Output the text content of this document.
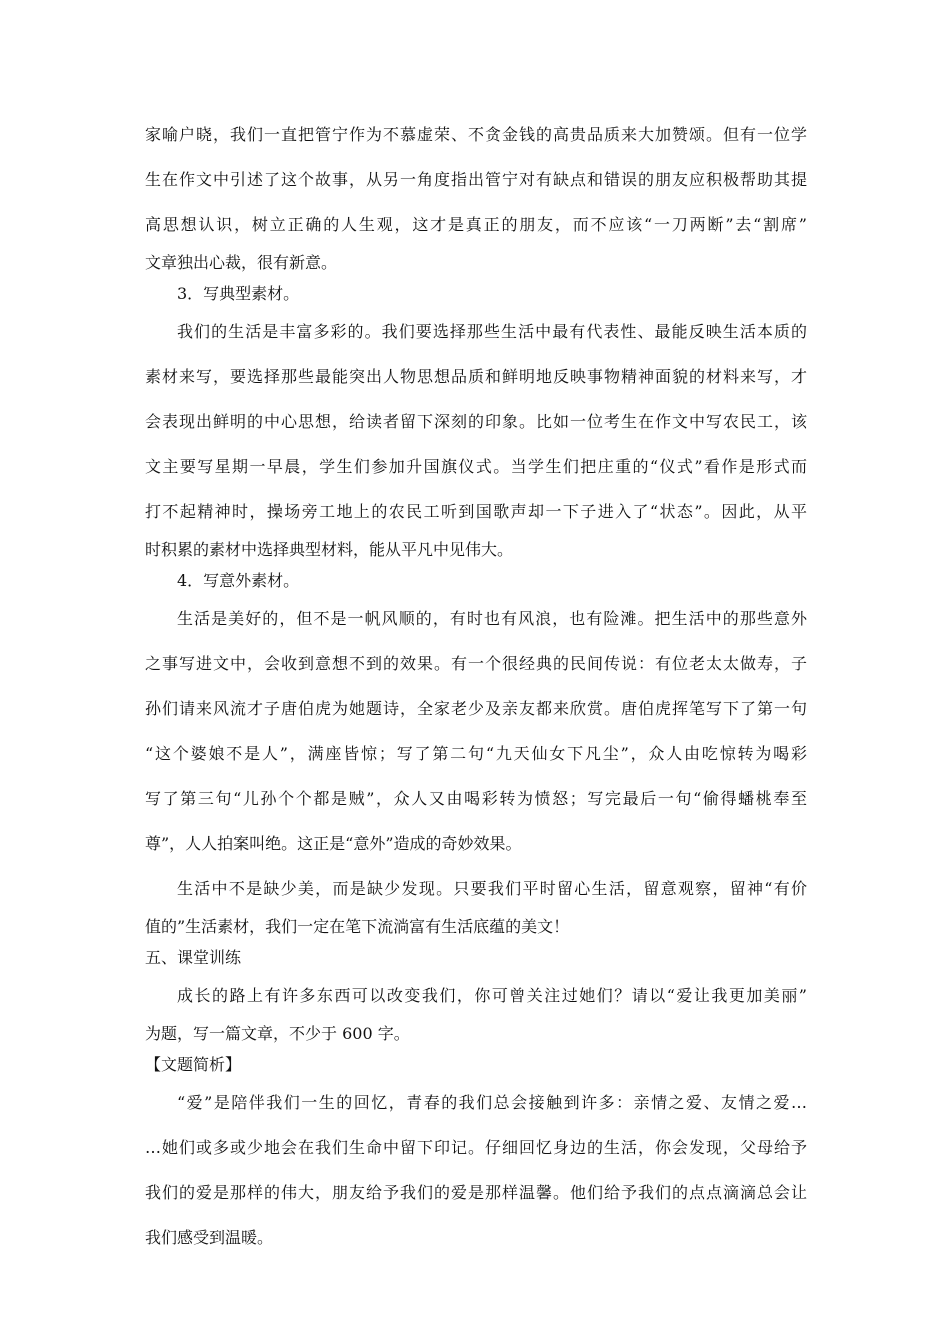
家喻户晓，我们一直把管宁作为不慕虚荣、不贪金钱的高贵品质来大加赞颂。但有一位学
生在作文中引述了这个故事，从另一角度指出管宁对有缺点和错误的朋友应积极帮助其提
高思想认识，树立正确的人生观，这才是真正的朋友，而不应该“一刀两断”去“割席”
文章独出心裁，很有新意。
3．写典型素材。
我们的生活是丰富多彩的。我们要选择那些生活中最有代表性、最能反映生活本质的
素材来写，要选择那些最能突出人物思想品质和鲜明地反映事物精神面貌的材料来写，才
会表现出鲜明的中心思想，给读者留下深刻的印象。比如一位考生在作文中写农民工，该
文主要写星期一早晨，学生们参加升国旗仪式。当学生们把庄重的“仪式”看作是形式而
打不起精神时，操场旁工地上的农民工听到国歌声却一下子进入了“状态”。因此，从平
时积累的素材中选择典型材料，能从平凡中见伟大。
4．写意外素材。
生活是美好的，但不是一帆风顺的，有时也有风浪，也有险滩。把生活中的那些意外
之事写进文中，会收到意想不到的效果。有一个很经典的民间传说：有位老太太做寿，子
孙们请来风流才子唐伯虎为她题诗，全家老少及亲友都来欣赏。唐伯虎挥笔写下了第一句
“这个婆娘不是人”，满座皆惊；写了第二句“九天仙女下凡尘”，众人由吃惊转为喝彩
写了第三句“儿孙个个都是贼”，众人又由喝彩转为愤怒；写完最后一句“偷得蟠桃奉至
尊”，人人拍案叫绝。这正是“意外”造成的奇妙效果。
生活中不是缺少美，而是缺少发现。只要我们平时留心生活，留意观察，留神“有价
值的”生活素材，我们一定在笔下流淌富有生活底蕴的美文！
五、课堂训练
成长的路上有许多东西可以改变我们，你可曾关注过她们？请以“爱让我更加美丽”
为题，写一篇文章，不少于 600 字。
【文题简析】
“爱”是陪伴我们一生的回忆，青春的我们总会接触到许多：亲情之爱、友情之爱…
…她们或多或少地会在我们生命中留下印记。仔细回忆身边的生活，你会发现，父母给予
我们的爱是那样的伟大，朋友给予我们的爱是那样温馨。他们给予我们的点点滴滴总会让
我们感受到温暖。
